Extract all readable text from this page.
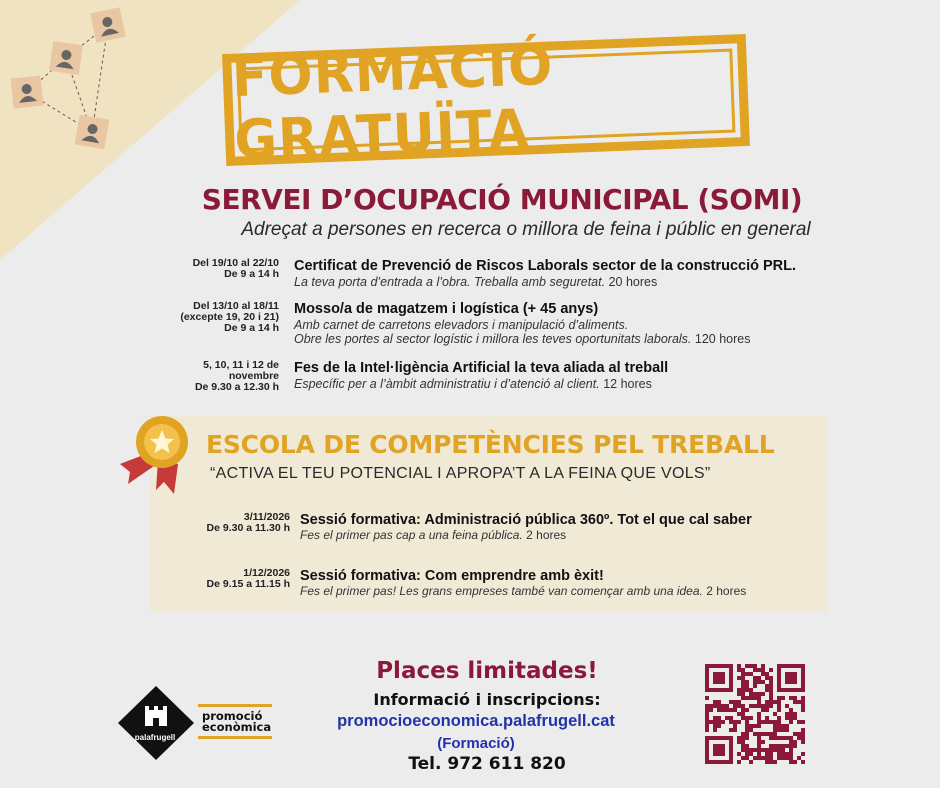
FORMACIÓ GRATUÏTA
SERVEI D’OCUPACIÓ MUNICIPAL (SOMI)
Adreçat a persones en recerca o millora de feina i públic en general
Del 19/10 al 22/10
De 9 a 14 h Certificat de Prevenció de Riscos Laborals sector de la construcció PRL.
La teva porta d’entrada a l’obra. Treballa amb seguretat. 20 hores
Del 13/10 al 18/11
(excepte 19, 20 i 21)
De 9 a 14 h
Mosso/a de magatzem i logística (+ 45 anys)
Amb carnet de carretons elevadors i manipulació d’aliments.
Obre les portes al sector logístic i millora les teves oportunitats laborals. 120 hores
5, 10, 11 i 12 de
novembre
De 9.30 a 12.30 h
Fes de la Intel·ligència Artificial la teva aliada al treball
Específic per a l’àmbit administratiu i d’atenció al client. 12 hores
ESCOLA DE COMPETÈNCIES PEL TREBALL
“ACTIVA EL TEU POTENCIAL I APROPA’T A LA FEINA QUE VOLS”
3/11/2026
De 9.30 a 11.30 h Sessió formativa: Administració pública 360º. Tot el que cal saber
Fes el primer pas cap a una feina pública. 2 hores
1/12/2026
De 9.15 a 11.15 h Sessió formativa: Com emprendre amb èxit!
Fes el primer pas! Les grans empreses també van començar amb una idea. 2 hores
palafrugell
promoció
econòmica
Places limitades!
Informació i inscripcions:
promocioeconomica.palafrugell.cat
(Formació)
Tel. 972 611 820
